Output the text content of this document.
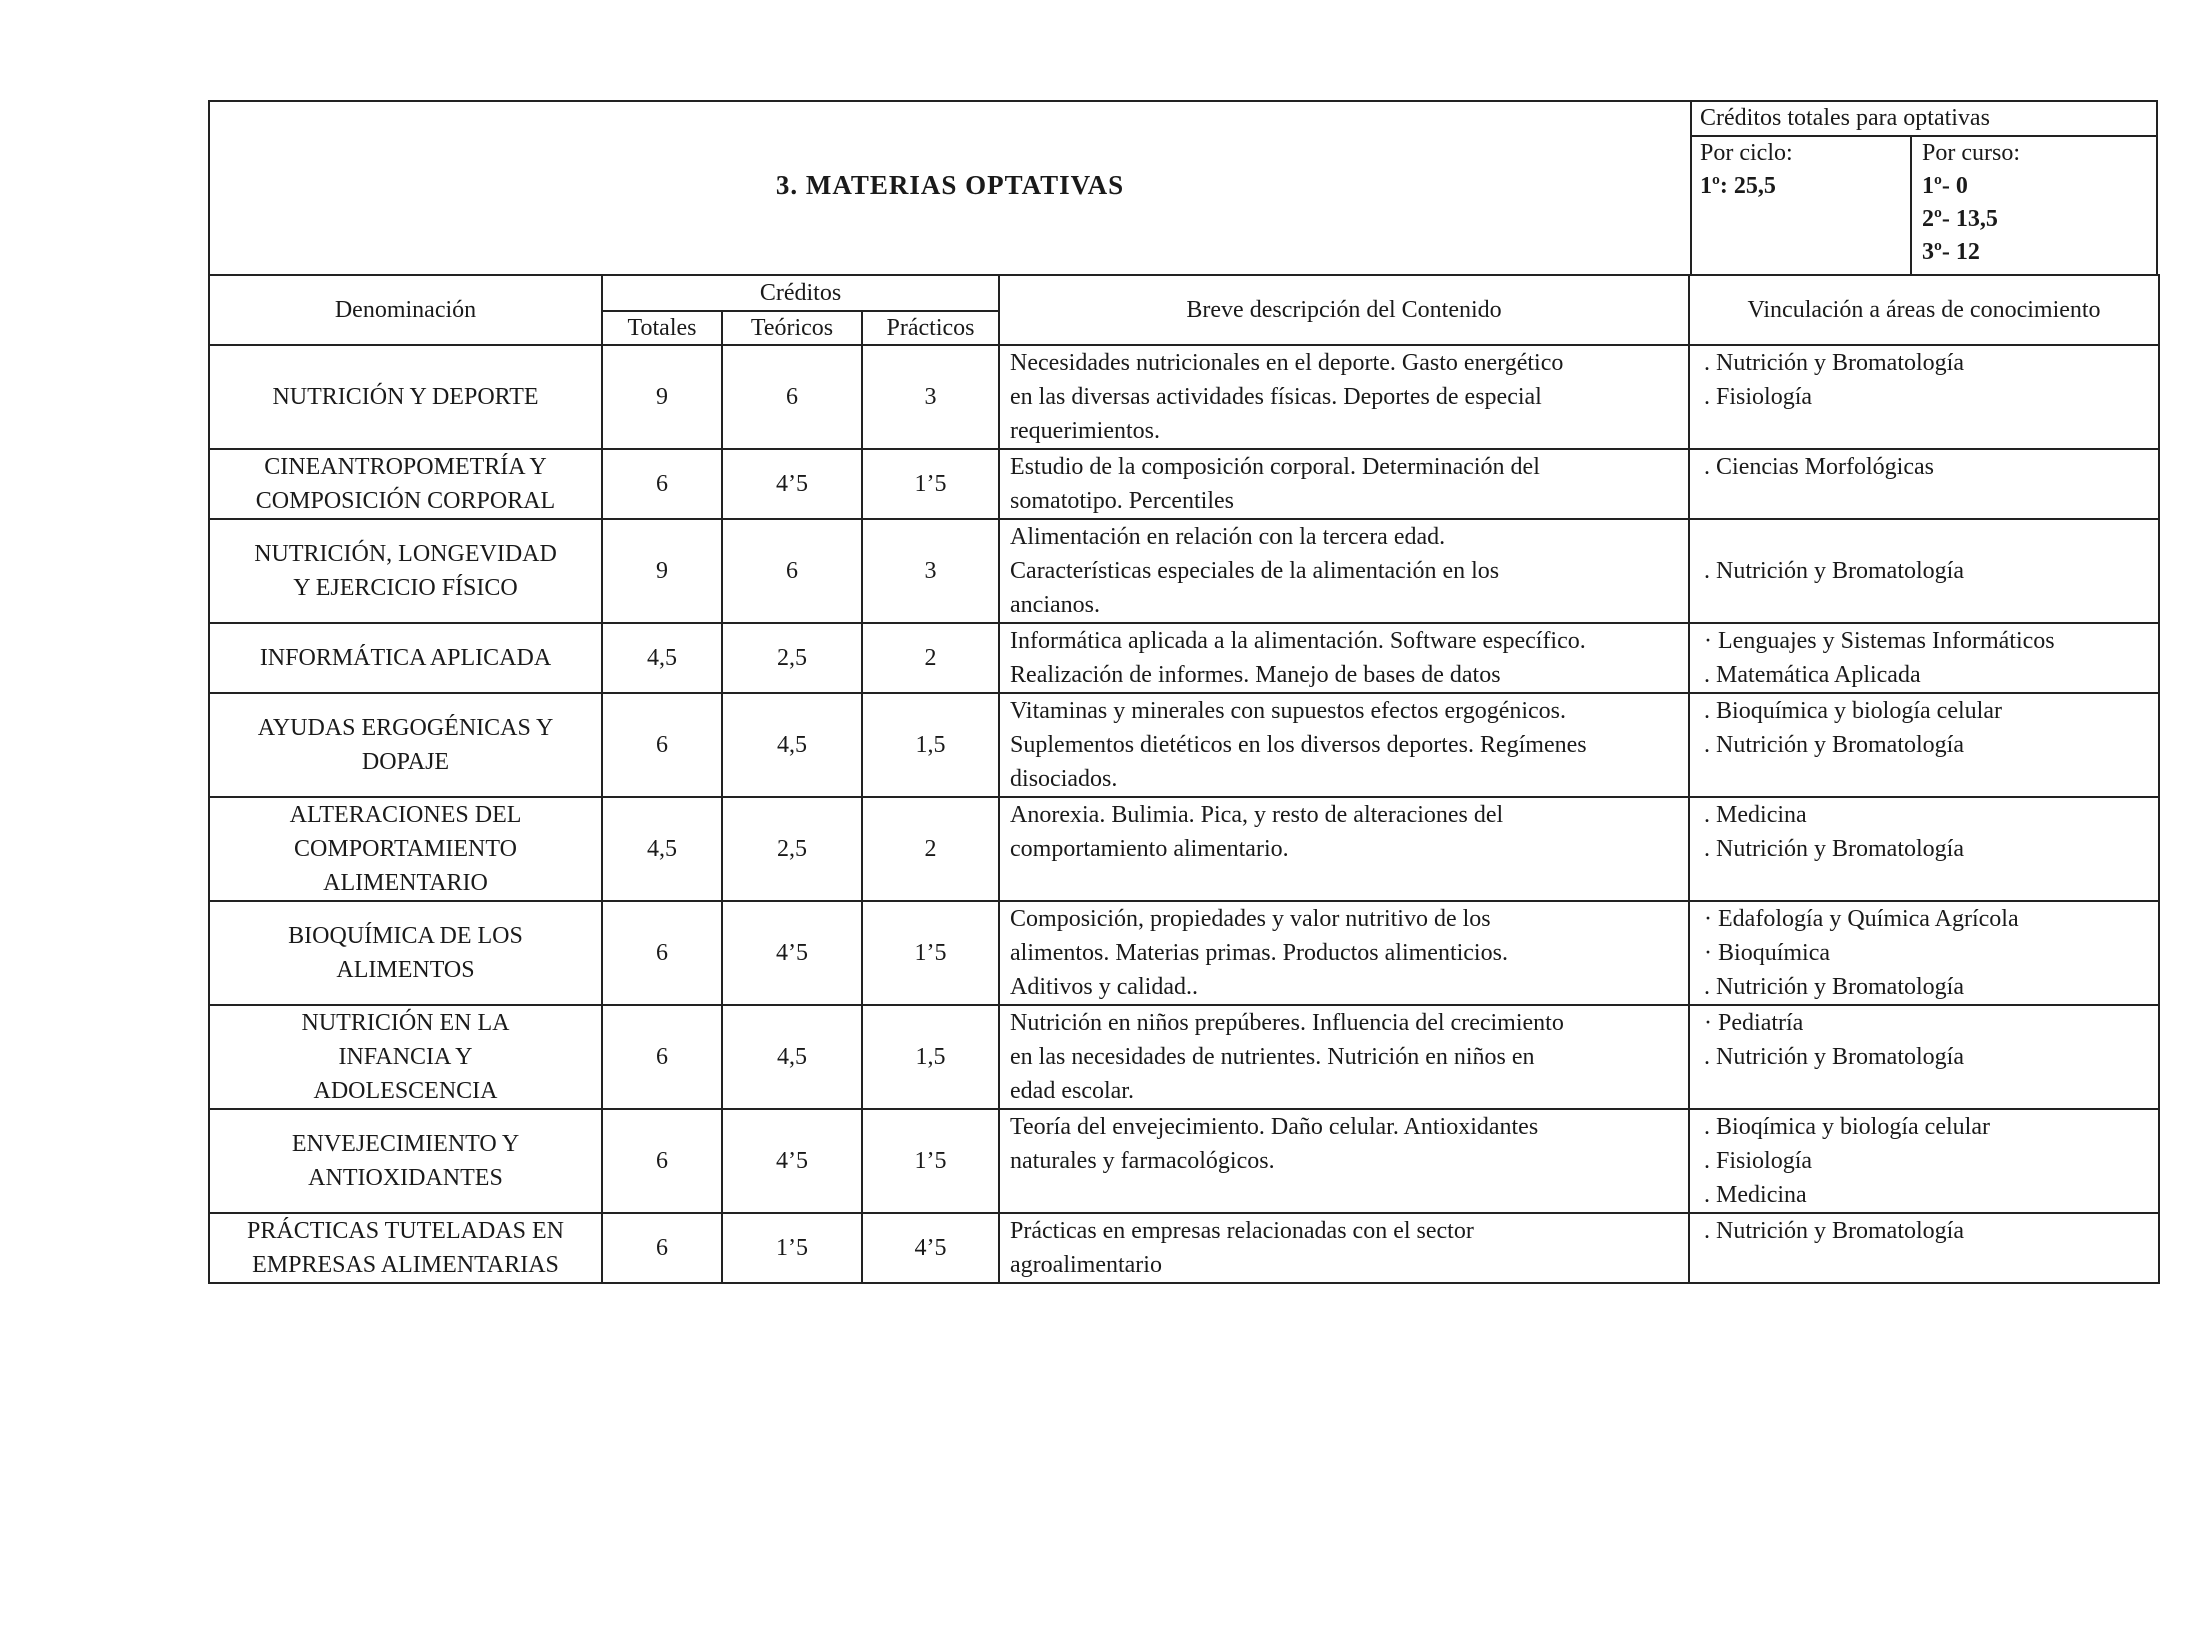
3. MATERIAS OPTATIVAS
Créditos totales para optativas
Por ciclo:
1º: 25,5
Por curso:
1º- 0
2º- 13,5
3º- 12
Denominación	Créditos			Breve descripción del Contenido	Vinculación a áreas de conocimiento
	Totales	Teóricos	Prácticos		

NUTRICIÓN Y DEPORTE	9	6	3	Necesidades nutricionales en el deporte. Gasto energético
en las diversas actividades físicas. Deportes de especial
requerimientos.	. Nutrición y Bromatología
. Fisiología

CINEANTROPOMETRÍA Y
COMPOSICIÓN CORPORAL	6	4’5	1’5	Estudio de la composición corporal. Determinación del
somatotipo. Percentiles	. Ciencias Morfológicas

NUTRICIÓN, LONGEVIDAD
Y EJERCICIO FÍSICO	9	6	3	Alimentación en relación con la tercera edad.
Características especiales de la alimentación en los
ancianos.	. Nutrición y Bromatología

INFORMÁTICA APLICADA	4,5	2,5	2	Informática aplicada a la alimentación. Software específico.
Realización de informes. Manejo de bases de datos	· Lenguajes y Sistemas Informáticos
. Matemática Aplicada

AYUDAS ERGOGÉNICAS Y
DOPAJE	6	4,5	1,5	Vitaminas y minerales con supuestos efectos ergogénicos.
Suplementos dietéticos en los diversos deportes. Regímenes
disociados.	. Bioquímica y biología celular
. Nutrición y Bromatología

ALTERACIONES DEL
COMPORTAMIENTO
ALIMENTARIO	4,5	2,5	2	Anorexia. Bulimia. Pica, y resto de alteraciones del
comportamiento alimentario.	. Medicina
. Nutrición y Bromatología

BIOQUÍMICA DE LOS
ALIMENTOS	6	4’5	1’5	Composición, propiedades y valor nutritivo de los
alimentos. Materias primas. Productos alimenticios.
Aditivos y calidad..	· Edafología y Química Agrícola
· Bioquímica
. Nutrición y Bromatología

NUTRICIÓN EN LA
INFANCIA Y
ADOLESCENCIA	6	4,5	1,5	Nutrición en niños prepúberes. Influencia del crecimiento
en las necesidades de nutrientes. Nutrición en niños en
edad escolar.	· Pediatría
. Nutrición y Bromatología

ENVEJECIMIENTO Y
ANTIOXIDANTES	6	4’5	1’5	Teoría del envejecimiento. Daño celular. Antioxidantes
naturales y farmacológicos.	. Bioqímica y biología celular
. Fisiología
. Medicina

PRÁCTICAS TUTELADAS EN
EMPRESAS ALIMENTARIAS	6	1’5	4’5	Prácticas en empresas relacionadas con el sector
agroalimentario	. Nutrición y Bromatología
